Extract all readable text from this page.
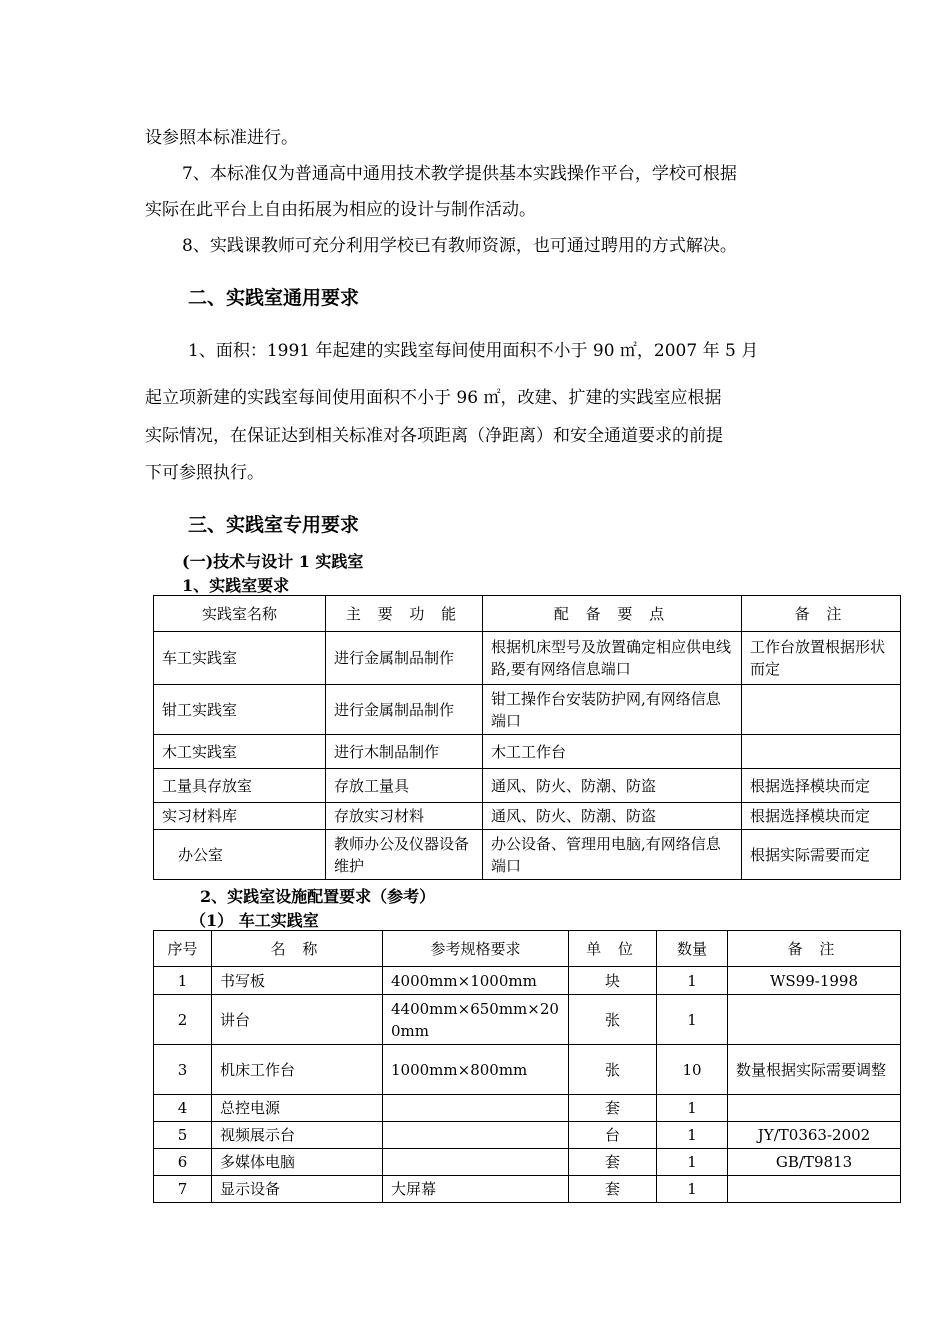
设参照本标准进行。
7、本标准仅为普通高中通用技术教学提供基本实践操作平台，学校可根据
实际在此平台上自由拓展为相应的设计与制作活动。
8、实践课教师可充分利用学校已有教师资源，也可通过聘用的方式解决。
二、实践室通用要求
1、面积：1991 年起建的实践室每间使用面积不小于 90 ㎡，2007 年 5 月
起立项新建的实践室每间使用面积不小于 96 ㎡，改建、扩建的实践室应根据
实际情况，在保证达到相关标准对各项距离（净距离）和安全通道要求的前提
下可参照执行。
三、实践室专用要求
(一)技术与设计 1 实践室
1、实践室要求
实践室名称	主 要 功 能	配 备 要 点	备 注
车工实践室	进行金属制品制作	根据机床型号及放置确定相应供电线路,要有网络信息端口	工作台放置根据形状而定
钳工实践室	进行金属制品制作	钳工操作台安装防护网,有网络信息端口	
木工实践室	进行木制品制作	木工工作台	
工量具存放室	存放工量具	通风、防火、防潮、防盗	根据选择模块而定
实习材料库	存放实习材料	通风、防火、防潮、防盗	根据选择模块而定
办公室	教师办公及仪器设备维护	办公设备、管理用电脑,有网络信息端口	根据实际需要而定
2、实践室设施配置要求（参考）
（1） 车工实践室
序号	名 称	参考规格要求	单 位	数量	备 注
1	书写板	4000mm×1000mm	块	1	WS99-1998
2	讲台	4400mm×650mm×200mm	张	1	
3	机床工作台	1000mm×800mm	张	10	数量根据实际需要调整
4	总控电源		套	1	
5	视频展示台		台	1	JY/T0363-2002
6	多媒体电脑		套	1	GB/T9813
7	显示设备	大屏幕	套	1	
